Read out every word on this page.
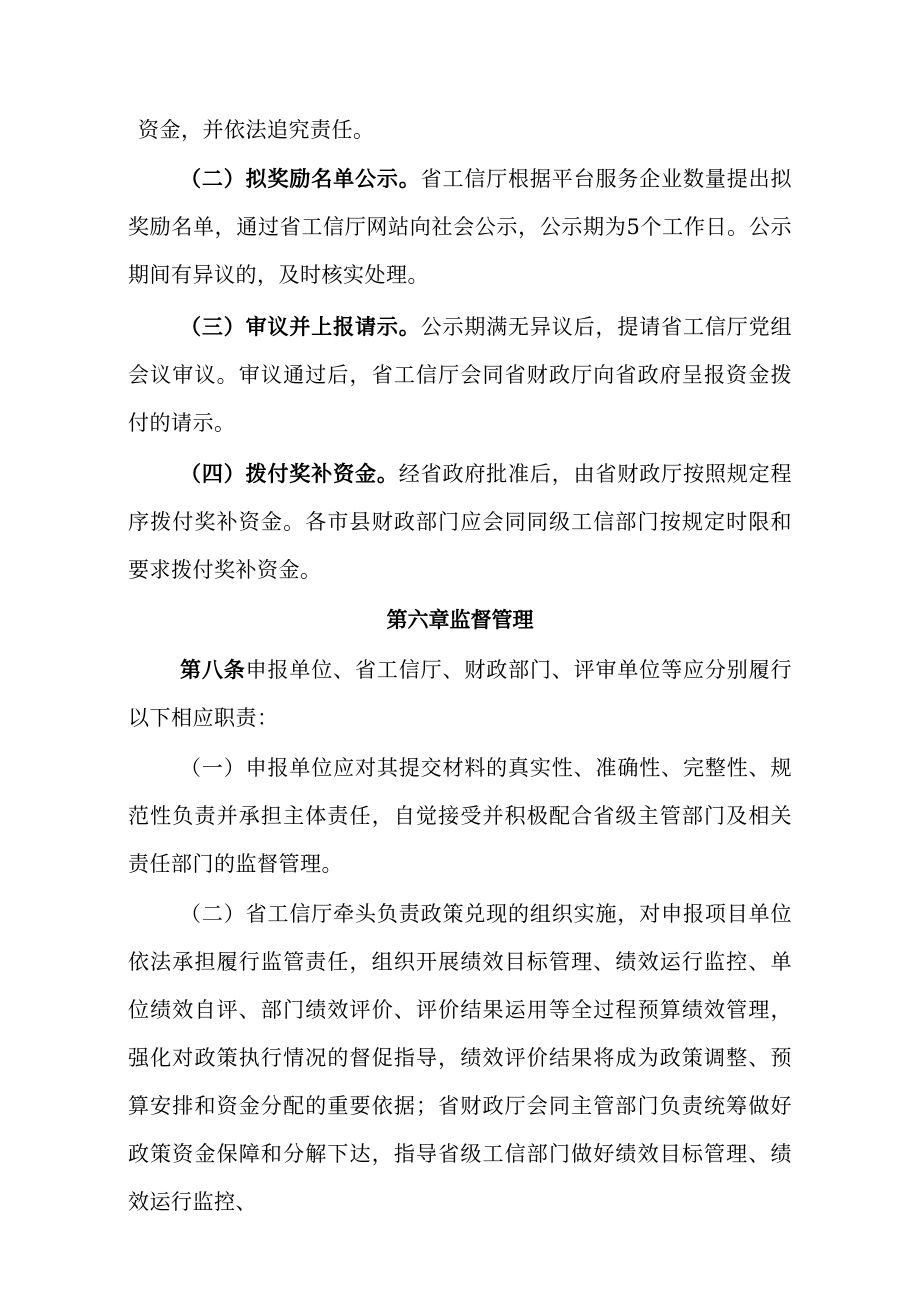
资金，并依法追究责任。

（二）拟奖励名单公示。省工信厅根据平台服务企业数量提出拟奖励名单，通过省工信厅网站向社会公示，公示期为5个工作日。公示期间有异议的，及时核实处理。

（三）审议并上报请示。公示期满无异议后，提请省工信厅党组会议审议。审议通过后，省工信厅会同省财政厅向省政府呈报资金拨付的请示。

（四）拨付奖补资金。经省政府批准后，由省财政厅按照规定程序拨付奖补资金。各市县财政部门应会同同级工信部门按规定时限和要求拨付奖补资金。

第六章监督管理

第八条申报单位、省工信厅、财政部门、评审单位等应分别履行以下相应职责：

（一）申报单位应对其提交材料的真实性、准确性、完整性、规范性负责并承担主体责任，自觉接受并积极配合省级主管部门及相关责任部门的监督管理。

（二）省工信厅牵头负责政策兑现的组织实施，对申报项目单位依法承担履行监管责任，组织开展绩效目标管理、绩效运行监控、单位绩效自评、部门绩效评价、评价结果运用等全过程预算绩效管理，强化对政策执行情况的督促指导，绩效评价结果将成为政策调整、预算安排和资金分配的重要依据；省财政厅会同主管部门负责统筹做好政策资金保障和分解下达，指导省级工信部门做好绩效目标管理、绩效运行监控、
